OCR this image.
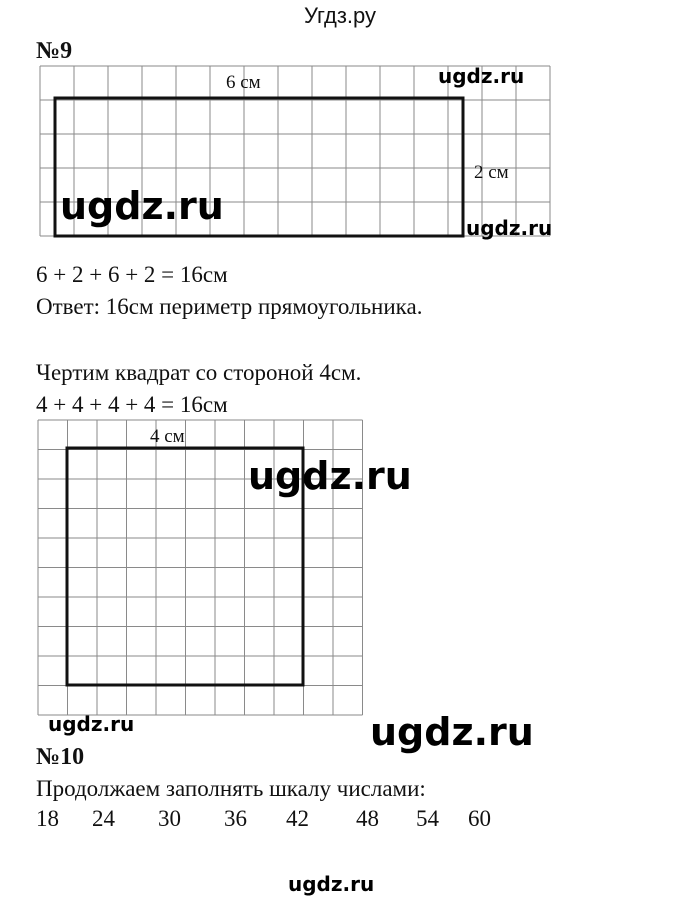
Угдз.ру
№9
6 см
2 см
ugdz.ru
ugdz.ru	ugdz.ru
6 + 2 + 6 + 2 = 16см
Ответ: 16см периметр прямоугольника.
Чертим квадрат со стороной 4см.
4 + 4 + 4 + 4 = 16см
4 см
ugdz.ru
ugdz.ru	ugdz.ru
№10
Продолжаем заполнять шкалу числами:
18 24 30 36 42 48 54 60
ugdz.ru
